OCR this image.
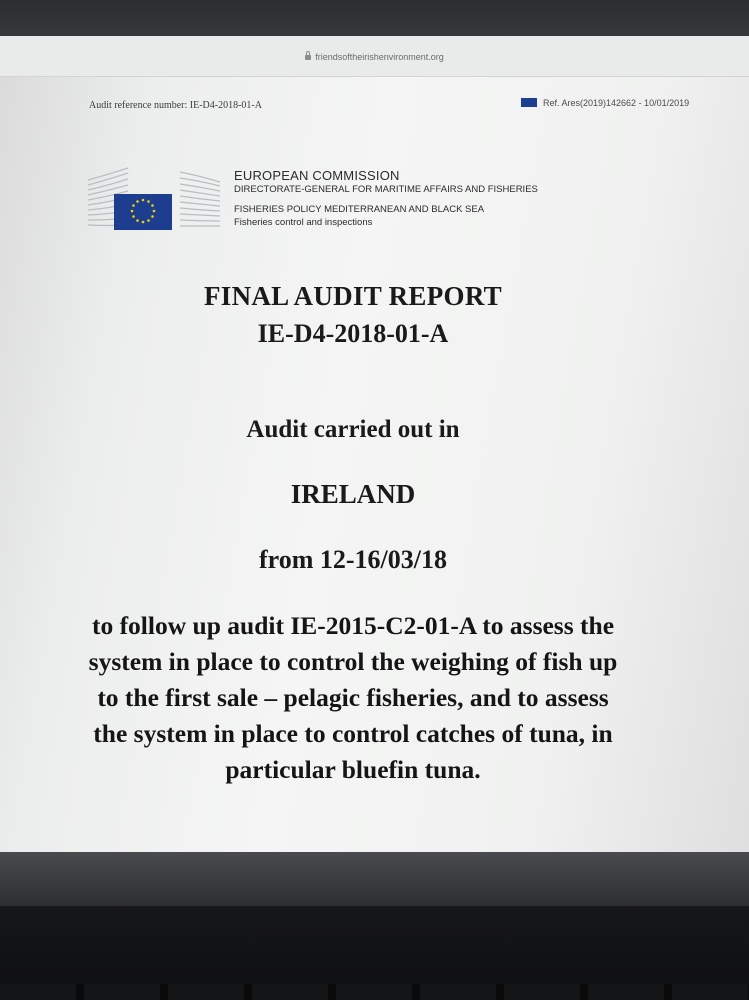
friendsoftheirishenvironment.org
Audit reference number: IE-D4-2018-01-A	Ref. Ares(2019)142662 - 10/01/2019
EUROPEAN COMMISSION
DIRECTORATE-GENERAL FOR MARITIME AFFAIRS AND FISHERIES
FISHERIES POLICY MEDITERRANEAN AND BLACK SEA
Fisheries control and inspections
FINAL AUDIT REPORT
IE-D4-2018-01-A
Audit carried out in
IRELAND
from 12-16/03/18
to follow up audit IE-2015-C2-01-A to assess the system in place to control the weighing of fish up to the first sale – pelagic fisheries, and to assess the system in place to control catches of tuna, in particular bluefin tuna.
